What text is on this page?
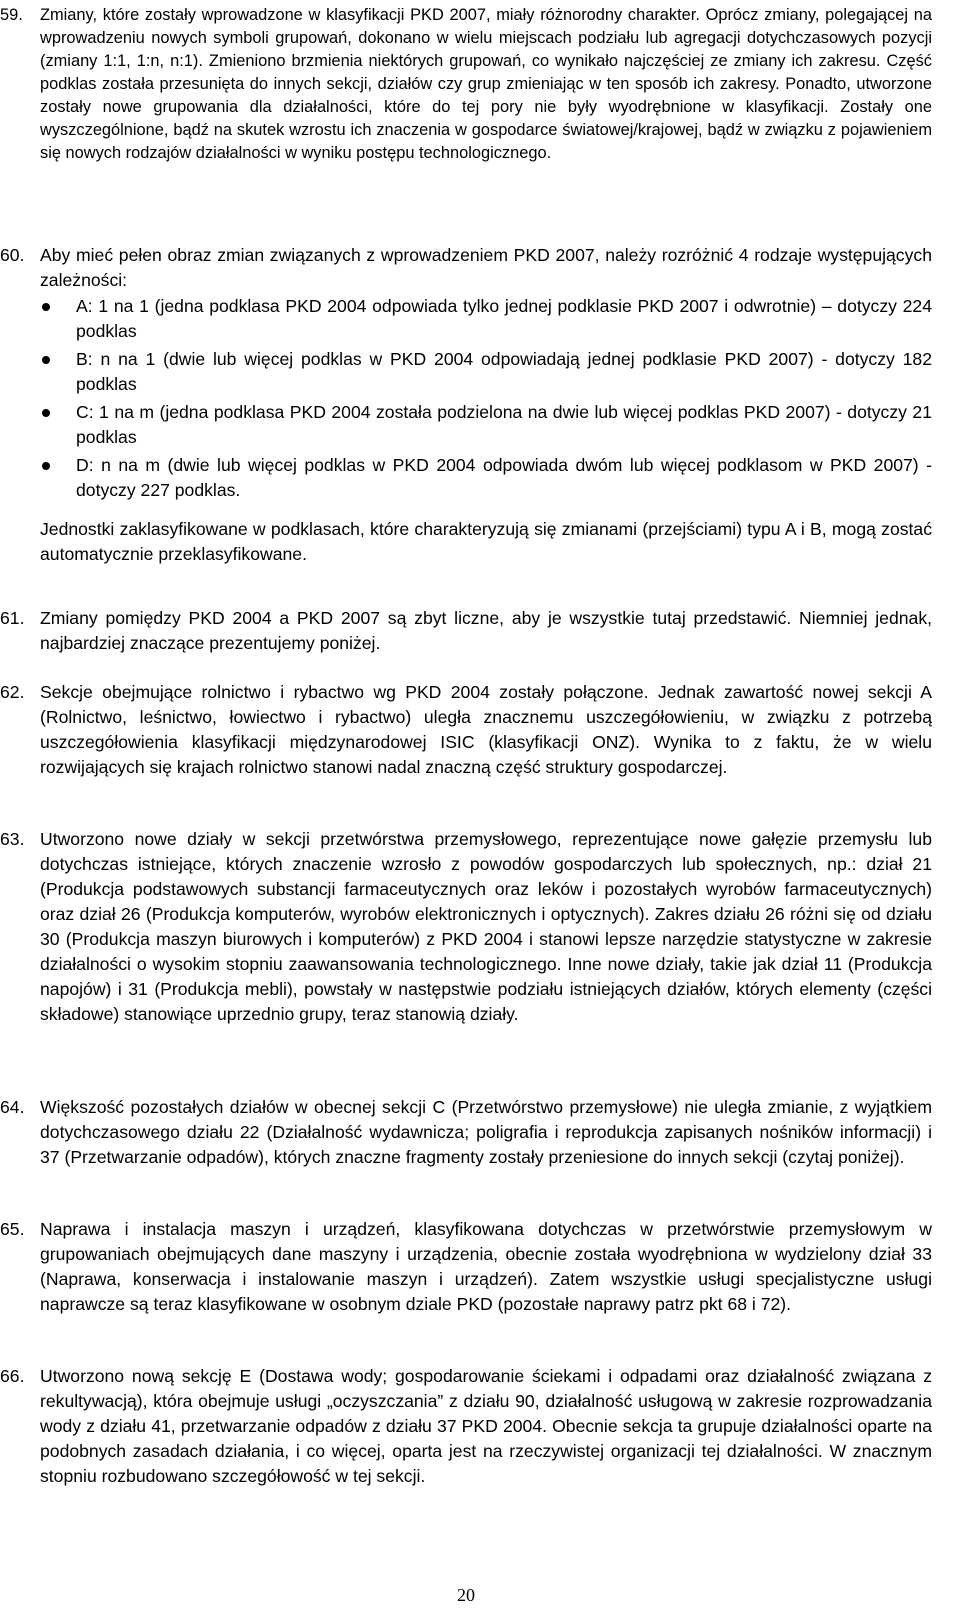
59.	Zmiany, które zostały wprowadzone w klasyfikacji PKD 2007, miały różnorodny charakter. Oprócz zmiany, polegającej na wprowadzeniu nowych symboli grupowań, dokonano w wielu miejscach podziału lub agregacji dotychczasowych pozycji (zmiany 1:1, 1:n, n:1). Zmieniono brzmienia niektórych grupowań, co wynikało najczęściej ze zmiany ich zakresu. Część podklas została przesunięta do innych sekcji, działów czy grup zmieniając w ten sposób ich zakresy. Ponadto, utworzone zostały nowe grupowania dla działalności, które do tej pory nie były wyodrębnione w klasyfikacji. Zostały one wyszczególnione, bądź na skutek wzrostu ich znaczenia w gospodarce światowej/krajowej, bądź w związku z pojawieniem się nowych rodzajów działalności w wyniku postępu technologicznego.
60. Aby mieć pełen obraz zmian związanych z wprowadzeniem PKD 2007, należy rozróżnić 4 rodzaje występujących zależności:
A: 1 na 1 (jedna podklasa PKD 2004 odpowiada tylko jednej podklasie PKD 2007 i odwrotnie) – dotyczy 224 podklas
B: n na 1 (dwie lub więcej podklas w PKD 2004 odpowiadają jednej podklasie PKD 2007) - dotyczy 182 podklas
C: 1 na m (jedna podklasa PKD 2004 została podzielona na dwie lub więcej podklas PKD 2007) - dotyczy 21 podklas
D: n na m (dwie lub więcej podklas w PKD 2004 odpowiada dwóm lub więcej podklasom w PKD 2007) - dotyczy 227 podklas.

Jednostki zaklasyfikowane w podklasach, które charakteryzują się zmianami (przejściami) typu A i B, mogą zostać automatycznie przeklasyfikowane.

61. Zmiany pomiędzy PKD 2004 a PKD 2007 są zbyt liczne, aby je wszystkie tutaj przedstawić. Niemniej jednak, najbardziej znaczące prezentujemy poniżej.
62. Sekcje obejmujące rolnictwo i rybactwo wg PKD 2004 zostały połączone. Jednak zawartość nowej sekcji A (Rolnictwo, leśnictwo, łowiectwo i rybactwo) uległa znacznemu uszczegółowieniu, w związku z potrzebą uszczegółowienia klasyfikacji międzynarodowej ISIC (klasyfikacji ONZ). Wynika to z faktu, że w wielu rozwijających się krajach rolnictwo stanowi nadal znaczną część struktury gospodarczej.
63. Utworzono nowe działy w sekcji przetwórstwa przemysłowego, reprezentujące nowe gałęzie przemysłu lub dotychczas istniejące, których znaczenie wzrosło z powodów gospodarczych lub społecznych, np.: dział 21 (Produkcja podstawowych substancji farmaceutycznych oraz leków i pozostałych wyrobów farmaceutycznych) oraz dział 26 (Produkcja komputerów, wyrobów elektronicznych i optycznych). Zakres działu 26 różni się od działu 30 (Produkcja maszyn biurowych i komputerów) z PKD 2004 i stanowi lepsze narzędzie statystyczne w zakresie działalności o wysokim stopniu zaawansowania technologicznego. Inne nowe działy, takie jak dział 11 (Produkcja napojów) i 31 (Produkcja mebli), powstały w następstwie podziału istniejących działów, których elementy (części składowe) stanowiące uprzednio grupy, teraz stanowią działy.
64. Większość pozostałych działów w obecnej sekcji C (Przetwórstwo przemysłowe) nie uległa zmianie, z wyjątkiem dotychczasowego działu 22 (Działalność wydawnicza; poligrafia i reprodukcja zapisanych nośników informacji) i 37 (Przetwarzanie odpadów), których znaczne fragmenty zostały przeniesione do innych sekcji (czytaj poniżej).
65. Naprawa i instalacja maszyn i urządzeń, klasyfikowana dotychczas w przetwórstwie przemysłowym w grupowaniach obejmujących dane maszyny i urządzenia, obecnie została wyodrębniona w wydzielony dział 33 (Naprawa, konserwacja i instalowanie maszyn i urządzeń). Zatem wszystkie usługi specjalistyczne usługi naprawcze są teraz klasyfikowane w osobnym dziale PKD (pozostałe naprawy patrz pkt 68 i 72).
66. Utworzono nową sekcję E (Dostawa wody; gospodarowanie ściekami i odpadami oraz działalność związana z rekultywacją), która obejmuje usługi „oczyszczania” z działu 90, działalność usługową w zakresie rozprowadzania wody z działu 41, przetwarzanie odpadów z działu 37 PKD 2004. Obecnie sekcja ta grupuje działalności oparte na podobnych zasadach działania, i co więcej, oparta jest na rzeczywistej organizacji tej działalności. W znacznym stopniu rozbudowano szczegółowość w tej sekcji.
20
